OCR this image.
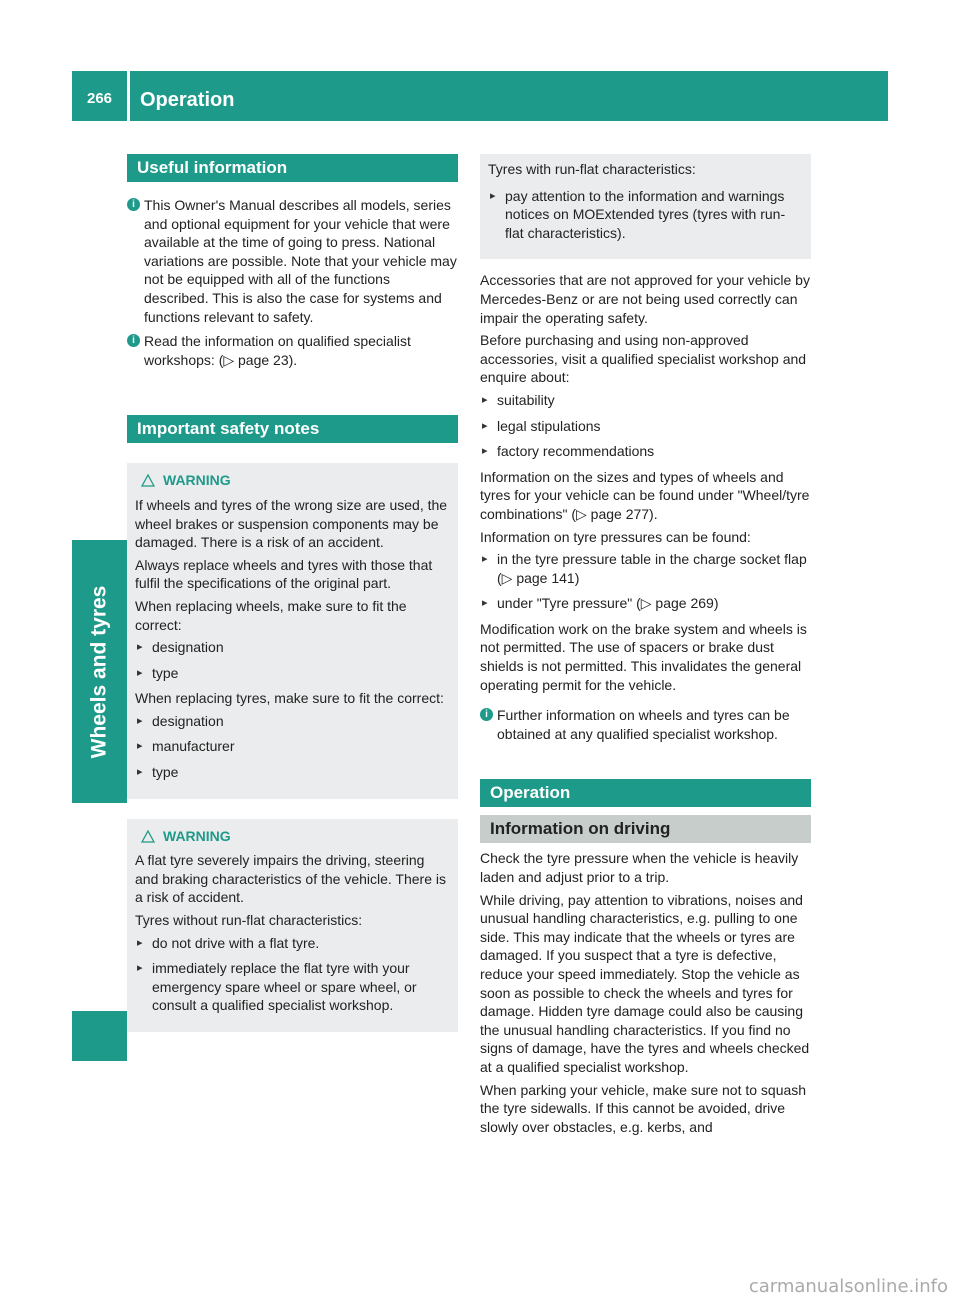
266	Operation
Wheels and tyres
Useful information
i This Owner's Manual describes all models, series and optional equipment for your vehicle that were available at the time of going to press. National variations are possible. Note that your vehicle may not be equipped with all of the functions described. This is also the case for systems and functions relevant to safety.
i Read the information on qualified specialist workshops: (▷ page 23).
Important safety notes
WARNING

If wheels and tyres of the wrong size are used, the wheel brakes or suspension components may be damaged. There is a risk of an accident.

Always replace wheels and tyres with those that fulfil the specifications of the original part.

When replacing wheels, make sure to fit the correct:

▸ designation
▸ type

When replacing tyres, make sure to fit the correct:

▸ designation
▸ manufacturer
▸ type
WARNING

A flat tyre severely impairs the driving, steering and braking characteristics of the vehicle. There is a risk of accident.

Tyres without run-flat characteristics:

▸ do not drive with a flat tyre.
▸ immediately replace the flat tyre with your emergency spare wheel or spare wheel, or consult a qualified specialist workshop.

Tyres with run-flat characteristics:

▸ pay attention to the information and warnings notices on MOExtended tyres (tyres with run-flat characteristics).

Accessories that are not approved for your vehicle by Mercedes-Benz or are not being used correctly can impair the operating safety.

Before purchasing and using non-approved accessories, visit a qualified specialist workshop and enquire about:

▸ suitability
▸ legal stipulations
▸ factory recommendations

Information on the sizes and types of wheels and tyres for your vehicle can be found under "Wheel/tyre combinations" (▷ page 277).

Information on tyre pressures can be found:

▸ in the tyre pressure table in the charge socket flap (▷ page 141)
▸ under "Tyre pressure" (▷ page 269)

Modification work on the brake system and wheels is not permitted. The use of spacers or brake dust shields is not permitted. This invalidates the general operating permit for the vehicle.

i Further information on wheels and tyres can be obtained at any qualified specialist workshop.
Operation
Information on driving

Check the tyre pressure when the vehicle is heavily laden and adjust prior to a trip.

While driving, pay attention to vibrations, noises and unusual handling characteristics, e.g. pulling to one side. This may indicate that the wheels or tyres are damaged. If you suspect that a tyre is defective, reduce your speed immediately. Stop the vehicle as soon as possible to check the wheels and tyres for damage. Hidden tyre damage could also be causing the unusual handling characteristics. If you find no signs of damage, have the tyres and wheels checked at a qualified specialist workshop.

When parking your vehicle, make sure not to squash the tyre sidewalls. If this cannot be avoided, drive slowly over obstacles, e.g. kerbs, and

carmanualsonline.info
